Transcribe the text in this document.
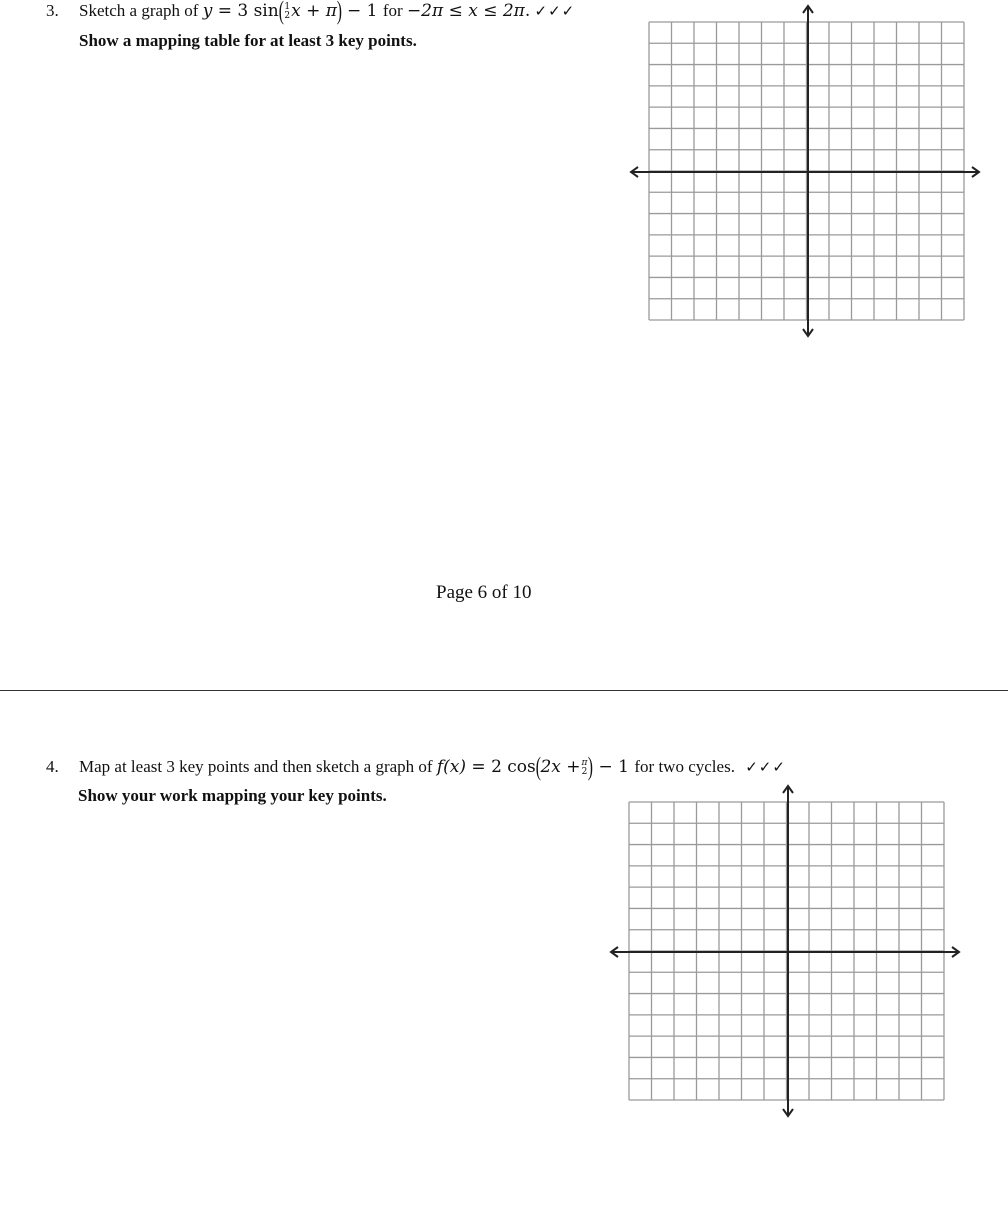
3. Sketch a graph of y = 3 sin( 1
2 x + π) − 1 for −2π ≤ x ≤ 2π. ✓✓✓
Show a mapping table for at least 3 key points.
Page 6 of 10
4. Map at least 3 key points and then sketch a graph of f(x) = 2 cos(2x + π
2 ) − 1 for two cycles. ✓✓✓
Show your work mapping your key points.
